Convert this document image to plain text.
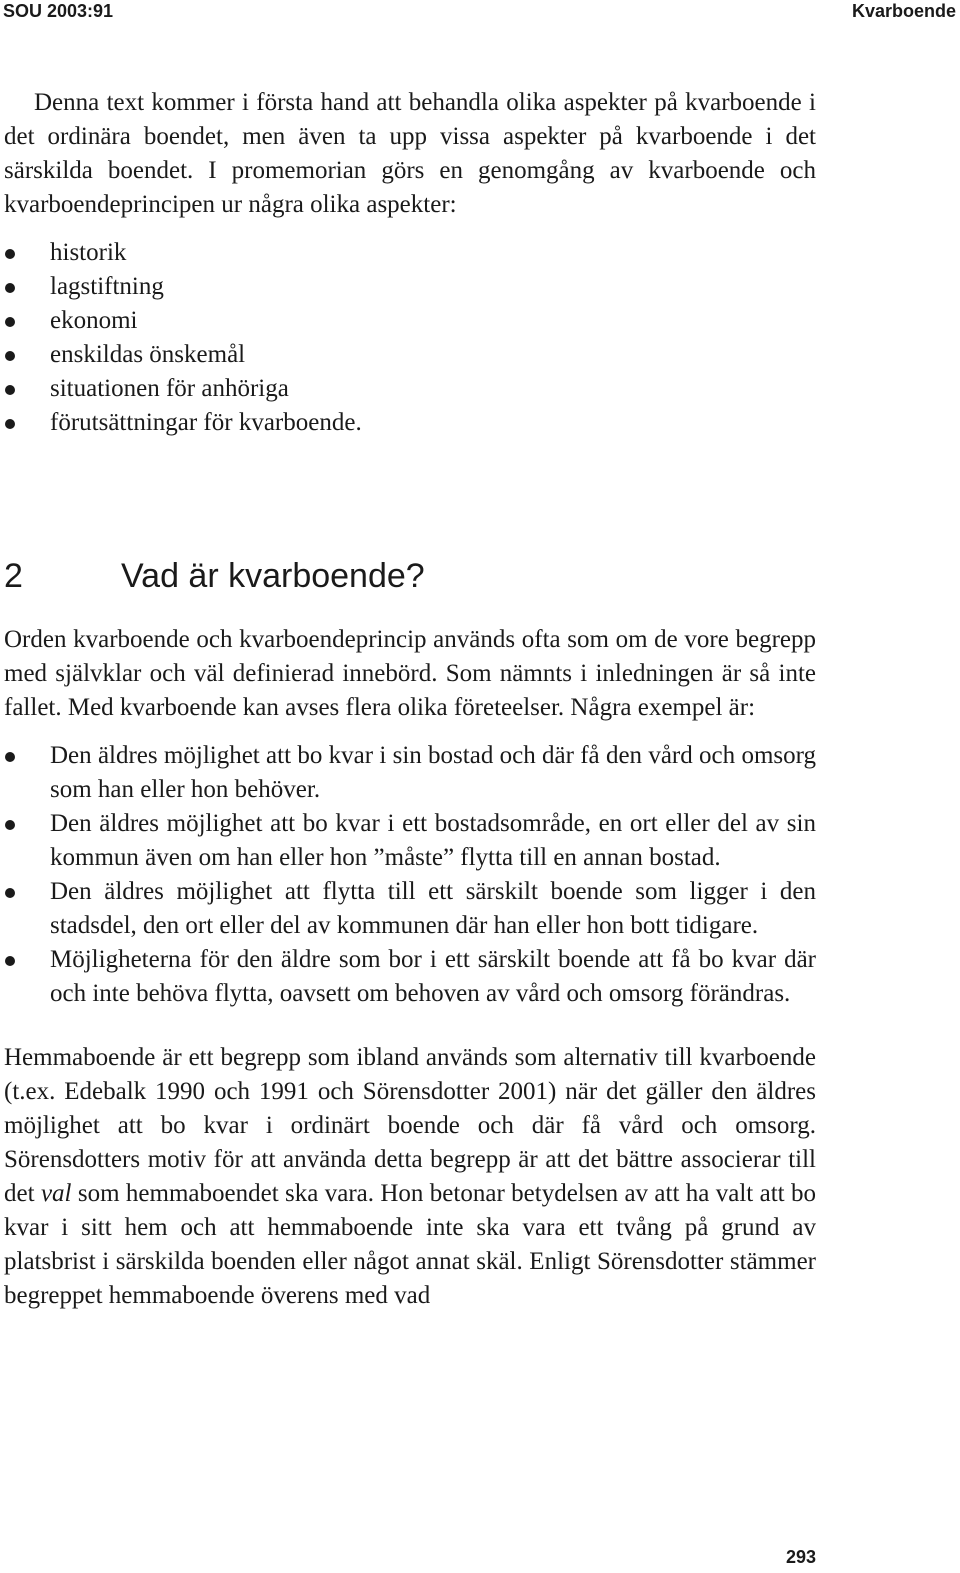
SOU 2003:91	Kvarboende

Denna text kommer i första hand att behandla olika aspekter på kvarboende i det ordinära boendet, men även ta upp vissa aspekter på kvarboende i det särskilda boendet. I promemorian görs en genomgång av kvarboende och kvarboendeprincipen ur några olika aspekter:

historik
lagstiftning
ekonomi
enskildas önskemål
situationen för anhöriga
förutsättningar för kvarboende.
2	Vad är kvarboende?

Orden kvarboende och kvarboendeprincip används ofta som om de vore begrepp med självklar och väl definierad innebörd. Som nämnts i inledningen är så inte fallet. Med kvarboende kan avses flera olika företeelser. Några exempel är:

Den äldres möjlighet att bo kvar i sin bostad och där få den vård och omsorg som han eller hon behöver.
Den äldres möjlighet att bo kvar i ett bostadsområde, en ort eller del av sin kommun även om han eller hon ”måste” flytta till en annan bostad.
Den äldres möjlighet att flytta till ett särskilt boende som ligger i den stadsdel, den ort eller del av kommunen där han eller hon bott tidigare.
Möjligheterna för den äldre som bor i ett särskilt boende att få bo kvar där och inte behöva flytta, oavsett om behoven av vård och omsorg förändras.

Hemmaboende är ett begrepp som ibland används som alternativ till kvarboende (t.ex. Edebalk 1990 och 1991 och Sörensdotter 2001) när det gäller den äldres möjlighet att bo kvar i ordinärt boende och där få vård och omsorg. Sörensdotters motiv för att använda detta begrepp är att det bättre associerar till det val som hemmaboendet ska vara. Hon betonar betydelsen av att ha valt att bo kvar i sitt hem och att hemmaboende inte ska vara ett tvång på grund av platsbrist i särskilda boenden eller något annat skäl. Enligt Sörensdotter stämmer begreppet hemmaboende överens med vad

293
